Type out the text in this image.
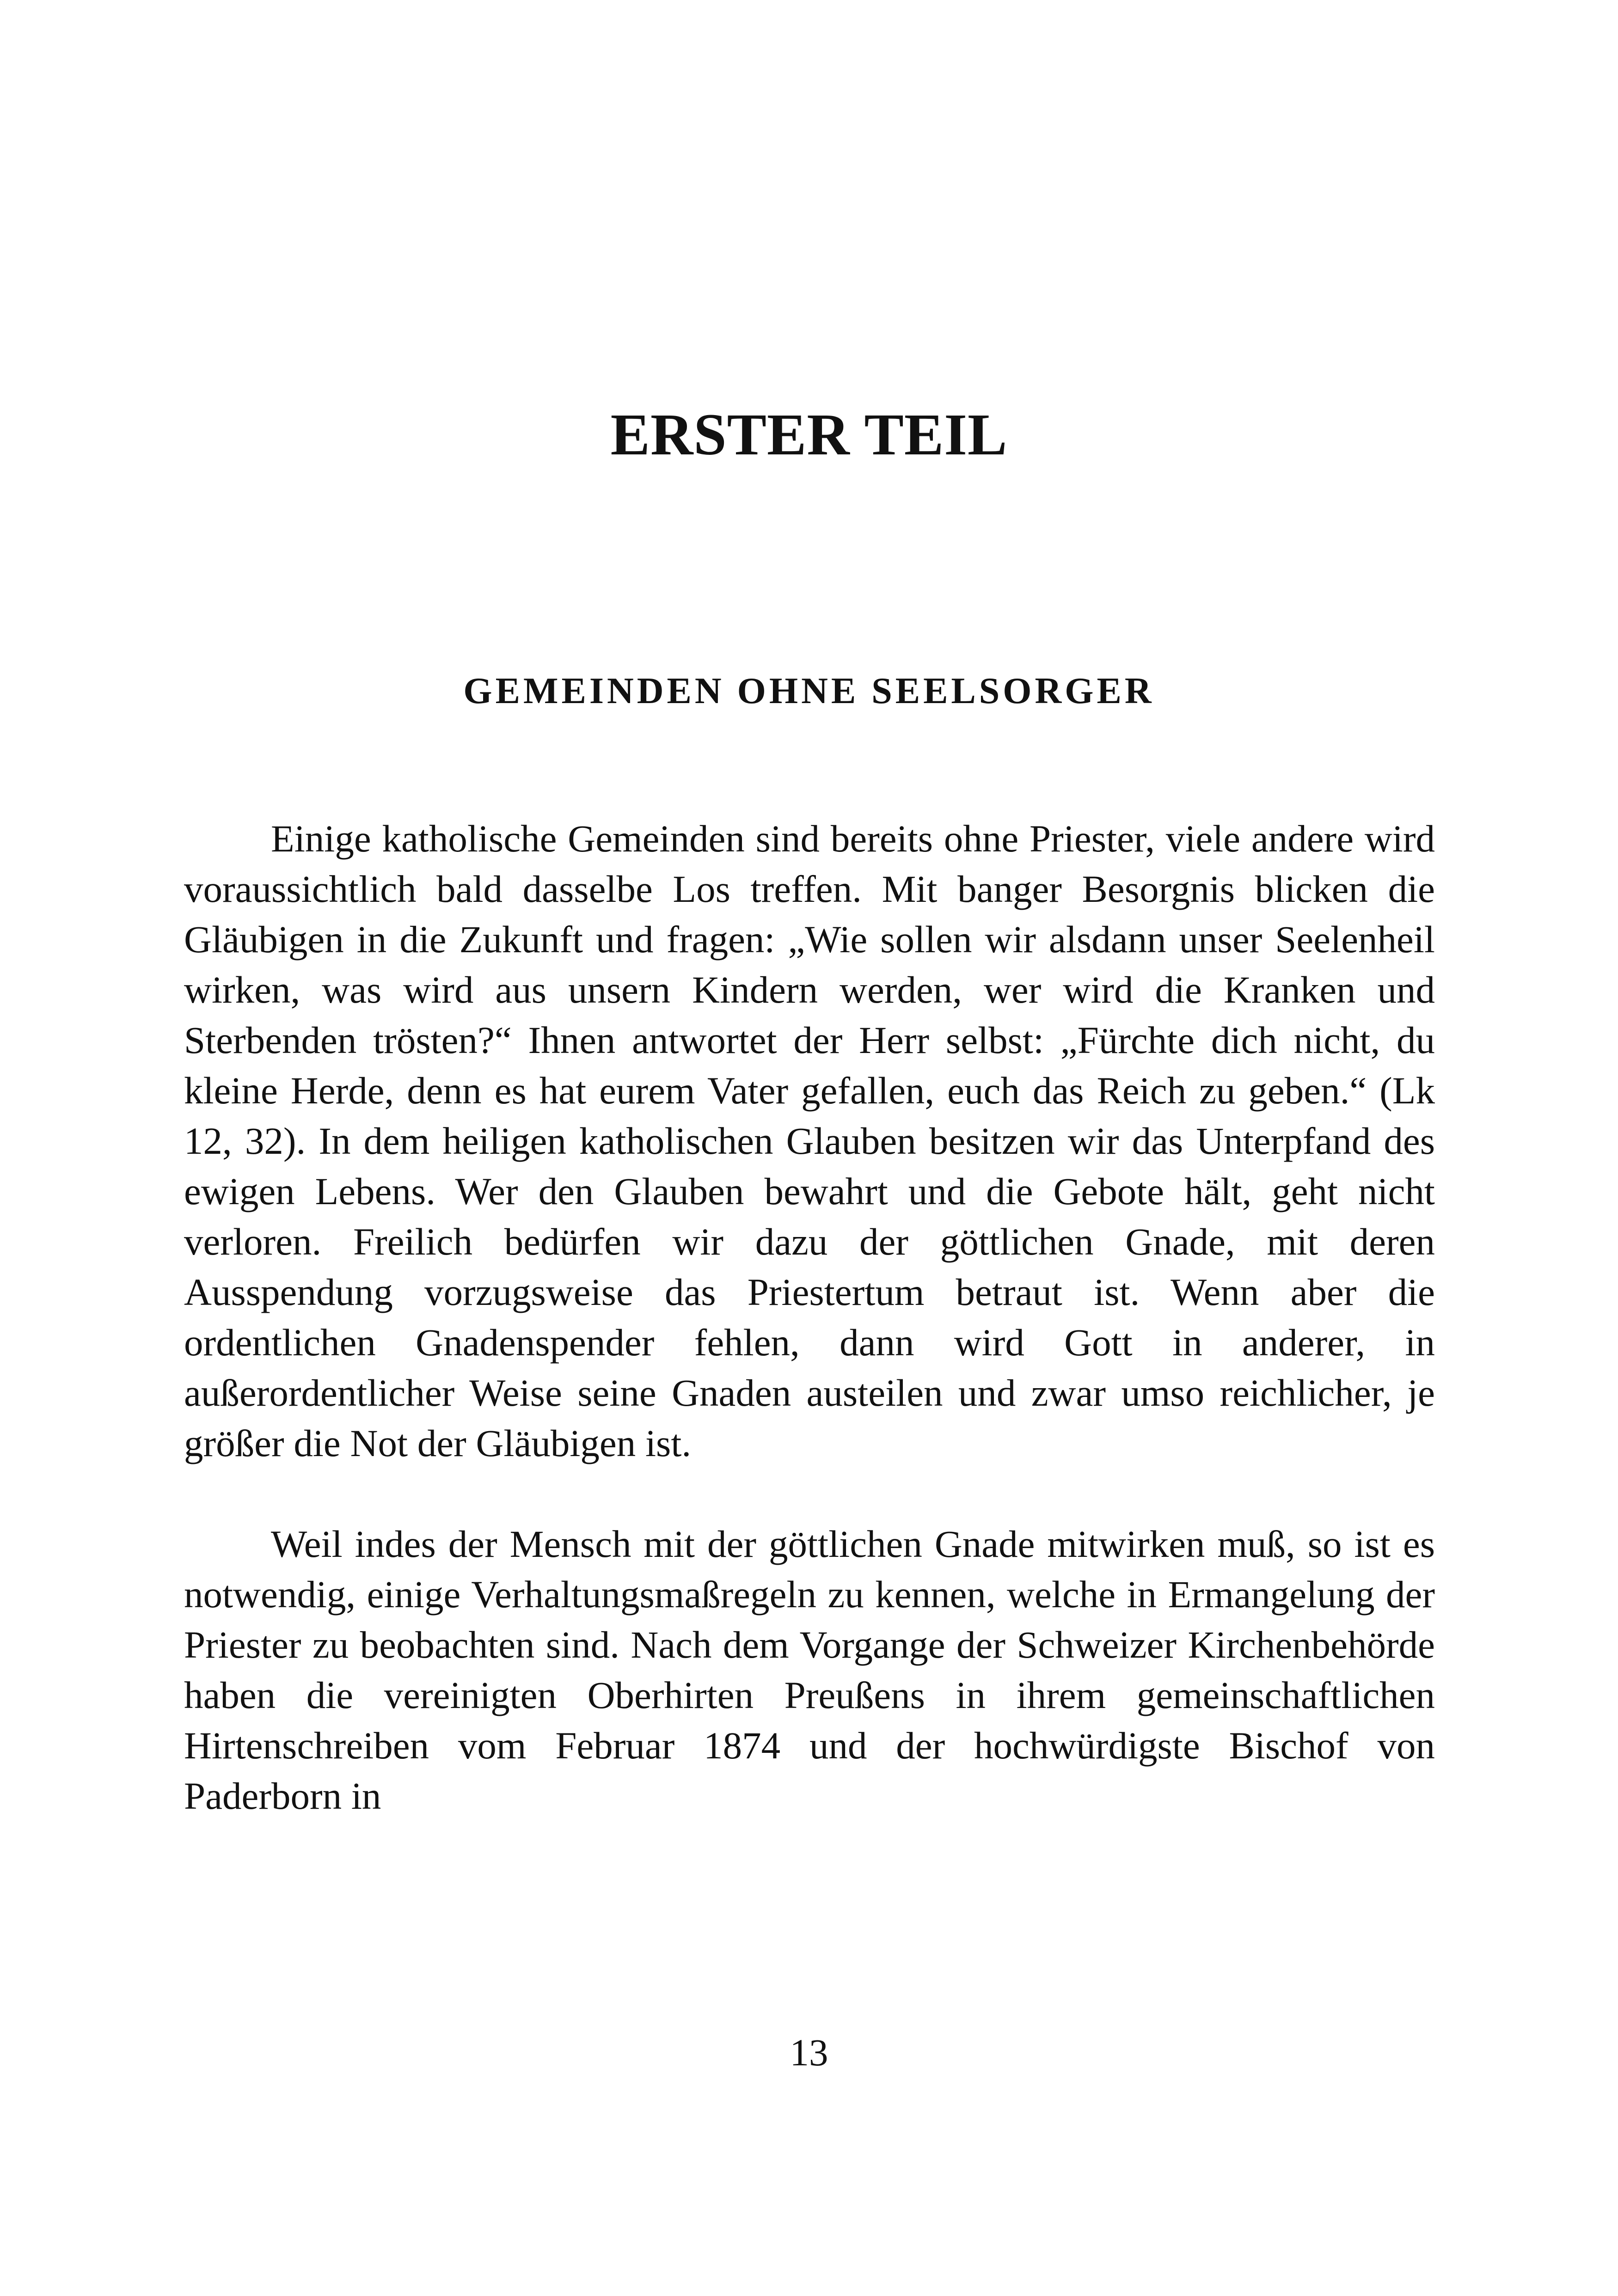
ERSTER TEIL
GEMEINDEN OHNE SEELSORGER

Einige katholische Gemeinden sind bereits ohne Priester, viele andere wird voraussichtlich bald dasselbe Los treffen. Mit banger Besorgnis blicken die Gläubigen in die Zukunft und fragen: „Wie sollen wir alsdann unser Seelenheil wirken, was wird aus unsern Kindern werden, wer wird die Kranken und Sterbenden trösten?“ Ihnen antwortet der Herr selbst: „Fürchte dich nicht, du kleine Herde, denn es hat eurem Vater gefallen, euch das Reich zu geben.“ (Lk 12, 32). In dem heiligen katholischen Glauben besitzen wir das Unterpfand des ewigen Lebens. Wer den Glauben bewahrt und die Gebote hält, geht nicht verloren. Freilich bedürfen wir dazu der göttlichen Gnade, mit deren Ausspendung vorzugsweise das Priestertum betraut ist. Wenn aber die ordentlichen Gnadenspender fehlen, dann wird Gott in anderer, in außerordentlicher Weise seine Gnaden austeilen und zwar umso reichlicher, je größer die Not der Gläubigen ist.

Weil indes der Mensch mit der göttlichen Gnade mitwirken muß, so ist es notwendig, einige Verhaltungsmaßregeln zu kennen, welche in Ermangelung der Priester zu beobachten sind. Nach dem Vorgange der Schweizer Kirchenbehörde haben die vereinigten Oberhirten Preußens in ihrem gemeinschaftlichen Hirtenschreiben vom Februar 1874 und der hochwürdigste Bischof von Paderborn in

13
